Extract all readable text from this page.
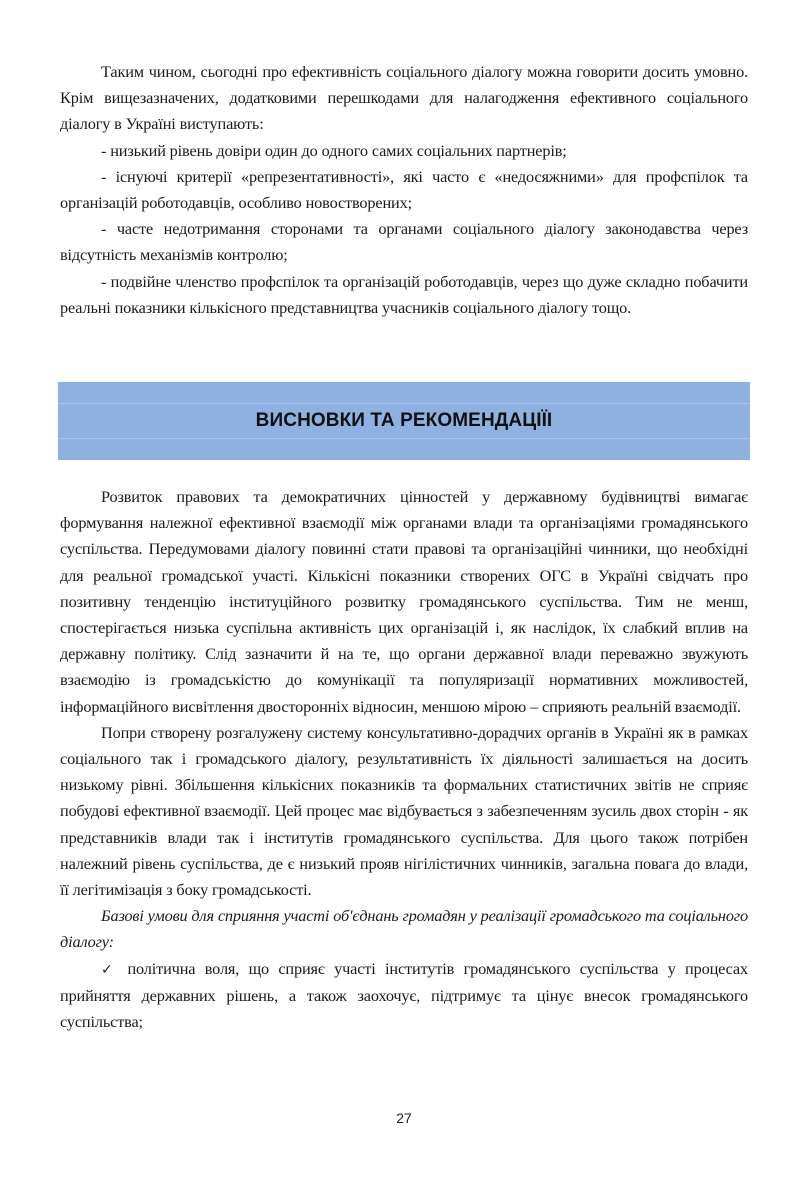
Таким чином, сьогодні про ефективність соціального діалогу можна говорити досить умовно. Крім вищезазначених, додатковими перешкодами для налагодження ефективного соціального діалогу в Україні виступають:

- низький рівень довіри один до одного самих соціальних партнерів;

- існуючі критерії «репрезентативності», які часто є «недосяжними» для профспілок та організацій роботодавців, особливо новостворених;

- часте недотримання сторонами та органами соціального діалогу законодавства через відсутність механізмів контролю;

- подвійне членство профспілок та організацій роботодавців, через що дуже складно побачити реальні показники кількісного представництва учасників соціального діалогу тощо.

ВИСНОВКИ ТА РЕКОМЕНДАЦІЇІ

Розвиток правових та демократичних цінностей у державному будівництві вимагає формування належної ефективної взаємодії між органами влади та організаціями громадянського суспільства. Передумовами діалогу повинні стати правові та організаційні чинники, що необхідні для реальної громадської участі. Кількісні показники створених ОГС в Україні свідчать про позитивну тенденцію інституційного розвитку громадянського суспільства. Тим не менш, спостерігається низька суспільна активність цих організацій і, як наслідок, їх слабкий вплив на державну політику. Слід зазначити й на те, що органи державної влади переважно звужують взаємодію із громадськістю до комунікації та популяризації нормативних можливостей, інформаційного висвітлення двосторонніх відносин, меншою мірою – сприяють реальній взаємодії.

Попри створену розгалужену систему консультативно-дорадчих органів в Україні як в рамках соціального так і громадського діалогу, результативність їх діяльності залишається на досить низькому рівні. Збільшення кількісних показників та формальних статистичних звітів не сприяє побудові ефективної взаємодії. Цей процес має відбувається з забезпеченням зусиль двох сторін - як представників влади так і інститутів громадянського суспільства. Для цього також потрібен належний рівень суспільства, де є низький прояв нігілістичних чинників, загальна повага до влади, її легітимізація з боку громадськості.

Базові умови для сприяння участі об'єднань громадян у реалізації громадського та соціального діалогу:

✓ політична воля, що сприяє участі інститутів громадянського суспільства у процесах прийняття державних рішень, а також заохочує, підтримує та цінує внесок громадянського суспільства;

27
